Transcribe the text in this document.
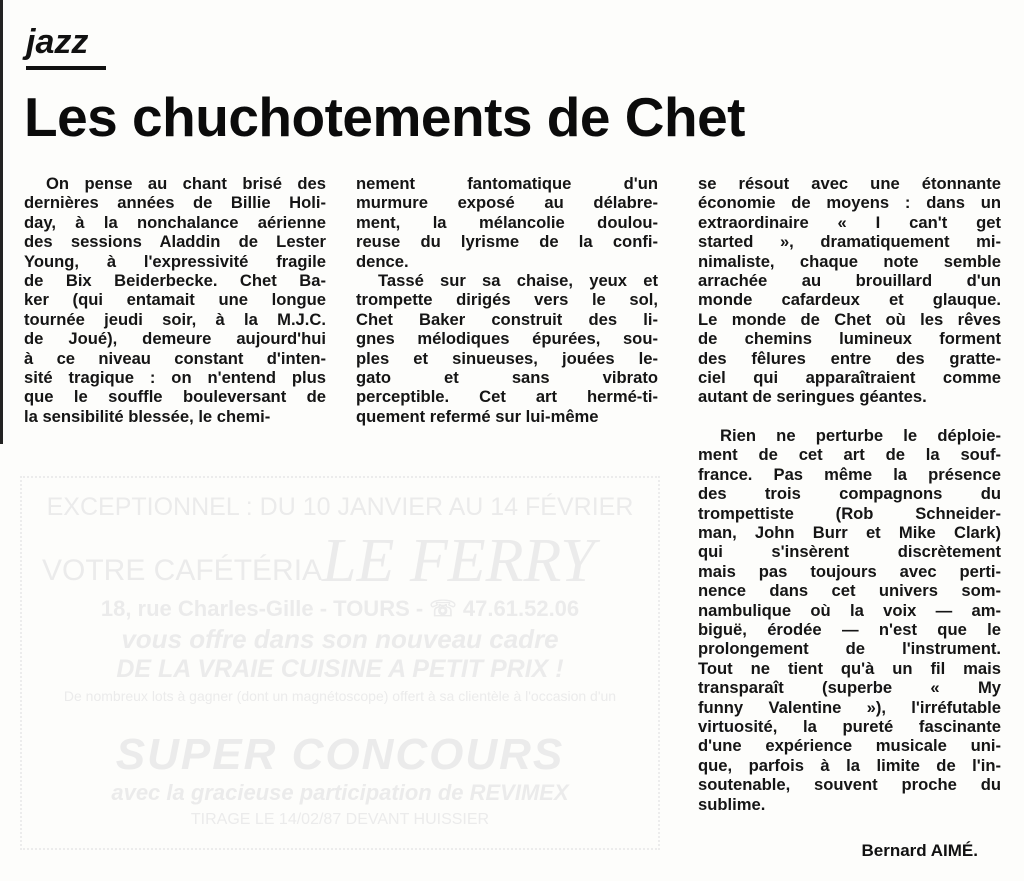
jazz
Les chuchotements de Chet
EXCEPTIONNEL : DU 10 JANVIER AU 14 FÉVRIER
VOTRE CAFÉTÉRIA LE FERRY
18, rue Charles-Gille - TOURS - ☏ 47.61.52.06
vous offre dans son nouveau cadre
DE LA VRAIE CUISINE A PETIT PRIX !
De nombreux lots à gagner (dont un magnétoscope) offert à sa clientèle à l'occasion d'un
SUPER CONCOURS
avec la gracieuse participation de REVIMEX
TIRAGE LE 14/02/87 DEVANT HUISSIER
On pense au chant brisé des
dernières années de Billie Holi-
day, à la nonchalance aérienne
des sessions Aladdin de Lester
Young, à l'expressivité fragile
de Bix Beiderbecke. Chet Ba-
ker (qui entamait une longue
tournée jeudi soir, à la M.J.C.
de Joué), demeure aujourd'hui
à ce niveau constant d'inten-
sité tragique : on n'entend plus
que le souffle bouleversant de
la sensibilité blessée, le chemi-
nement fantomatique d'un
murmure exposé au délabre-
ment, la mélancolie doulou-
reuse du lyrisme de la confi-
dence.
Tassé sur sa chaise, yeux et
trompette dirigés vers le sol,
Chet Baker construit des li-
gnes mélodiques épurées, sou-
ples et sinueuses, jouées le-
gato et sans vibrato
perceptible. Cet art hermé-ti-
quement refermé sur lui-même
se résout avec une étonnante
économie de moyens : dans un
extraordinaire « I can't get
started », dramatiquement mi-
nimaliste, chaque note semble
arrachée au brouillard d'un
monde cafardeux et glauque.
Le monde de Chet où les rêves
de chemins lumineux forment
des fêlures entre des gratte-
ciel qui apparaîtraient comme
autant de seringues géantes.
Rien ne perturbe le déploie-
ment de cet art de la souf-
france. Pas même la présence
des trois compagnons du
trompettiste (Rob Schneider-
man, John Burr et Mike Clark)
qui s'insèrent discrètement
mais pas toujours avec perti-
nence dans cet univers som-
nambulique où la voix — am-
biguë, érodée — n'est que le
prolongement de l'instrument.
Tout ne tient qu'à un fil mais
transparaît (superbe « My
funny Valentine »), l'irréfutable
virtuosité, la pureté fascinante
d'une expérience musicale uni-
que, parfois à la limite de l'in-
soutenable, souvent proche du
sublime.
Bernard AIMÉ.
